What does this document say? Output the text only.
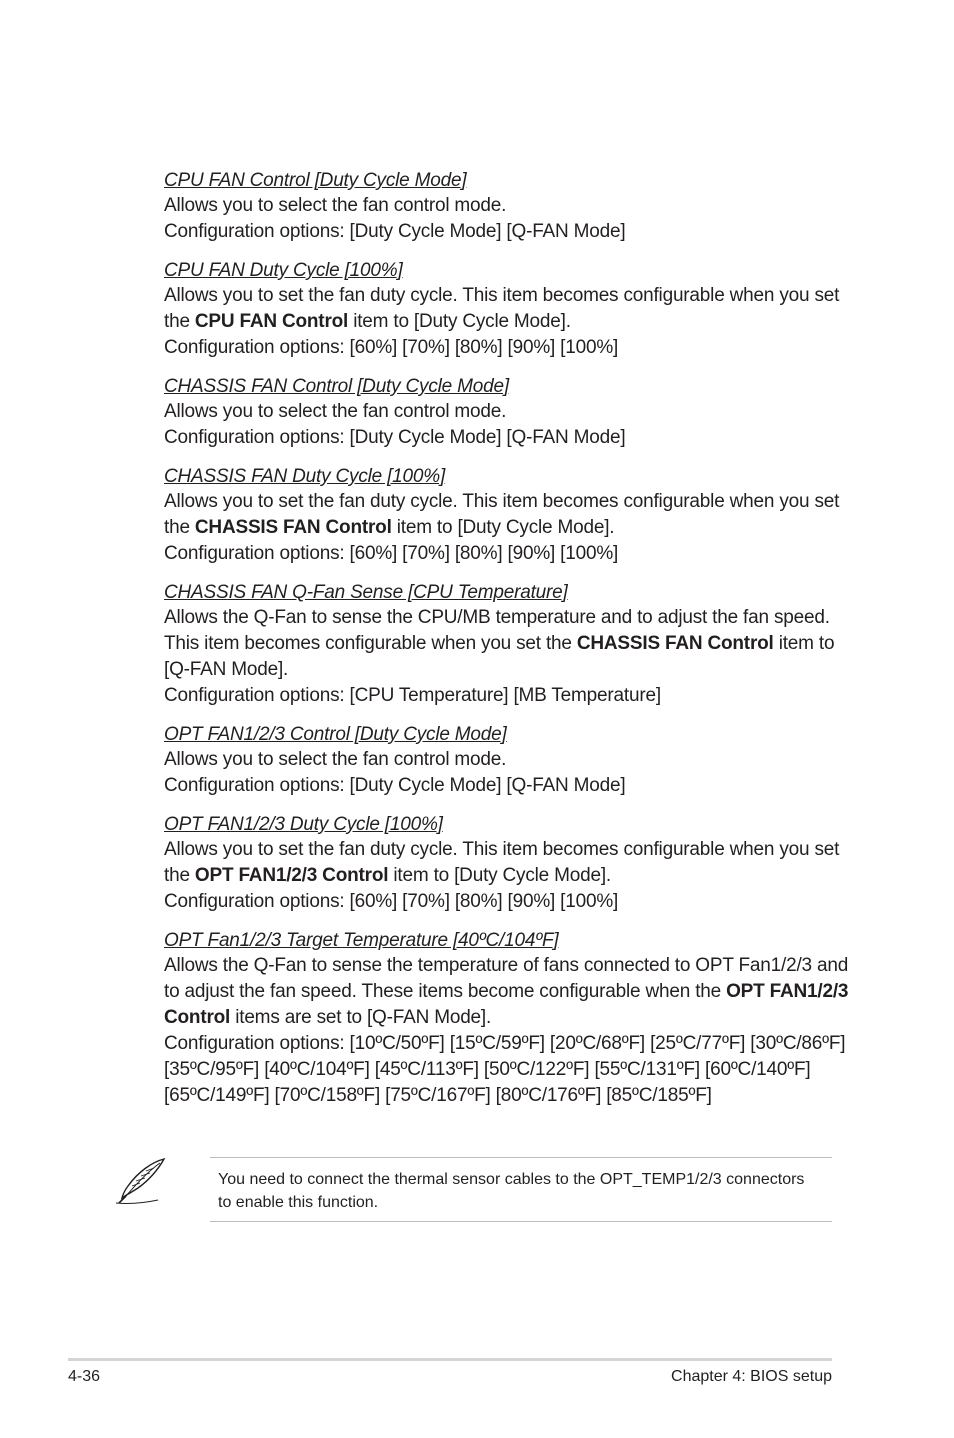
CPU FAN Control [Duty Cycle Mode]
Allows you to select the fan control mode.
Configuration options: [Duty Cycle Mode] [Q-FAN Mode]
CPU FAN Duty Cycle [100%]
Allows you to set the fan duty cycle. This item becomes configurable when you set the CPU FAN Control item to [Duty Cycle Mode].
Configuration options: [60%] [70%] [80%] [90%] [100%]
CHASSIS FAN Control [Duty Cycle Mode]
Allows you to select the fan control mode.
Configuration options: [Duty Cycle Mode] [Q-FAN Mode]
CHASSIS FAN Duty Cycle [100%]
Allows you to set the fan duty cycle. This item becomes configurable when you set the CHASSIS FAN Control item to [Duty Cycle Mode].
Configuration options: [60%] [70%] [80%] [90%] [100%]
CHASSIS FAN Q-Fan Sense [CPU Temperature]
Allows the Q-Fan to sense the CPU/MB temperature and to adjust the fan speed. This item becomes configurable when you set the CHASSIS FAN Control item to [Q-FAN Mode].
Configuration options: [CPU Temperature] [MB Temperature]
OPT FAN1/2/3 Control [Duty Cycle Mode]
Allows you to select the fan control mode.
Configuration options: [Duty Cycle Mode] [Q-FAN Mode]
OPT FAN1/2/3 Duty Cycle [100%]
Allows you to set the fan duty cycle. This item becomes configurable when you set the OPT FAN1/2/3 Control item to [Duty Cycle Mode].
Configuration options: [60%] [70%] [80%] [90%] [100%]
OPT Fan1/2/3 Target Temperature [40ºC/104ºF]
Allows the Q-Fan to sense the temperature of fans connected to OPT Fan1/2/3 and to adjust the fan speed. These items become configurable when the OPT FAN1/2/3 Control items are set to [Q-FAN Mode].
Configuration options: [10ºC/50ºF] [15ºC/59ºF] [20ºC/68ºF] [25ºC/77ºF] [30ºC/86ºF] [35ºC/95ºF] [40ºC/104ºF] [45ºC/113ºF] [50ºC/122ºF] [55ºC/131ºF] [60ºC/140ºF] [65ºC/149ºF] [70ºC/158ºF] [75ºC/167ºF] [80ºC/176ºF] [85ºC/185ºF]
You need to connect the thermal sensor cables to the OPT_TEMP1/2/3 connectors to enable this function.
4-36	Chapter 4: BIOS setup
